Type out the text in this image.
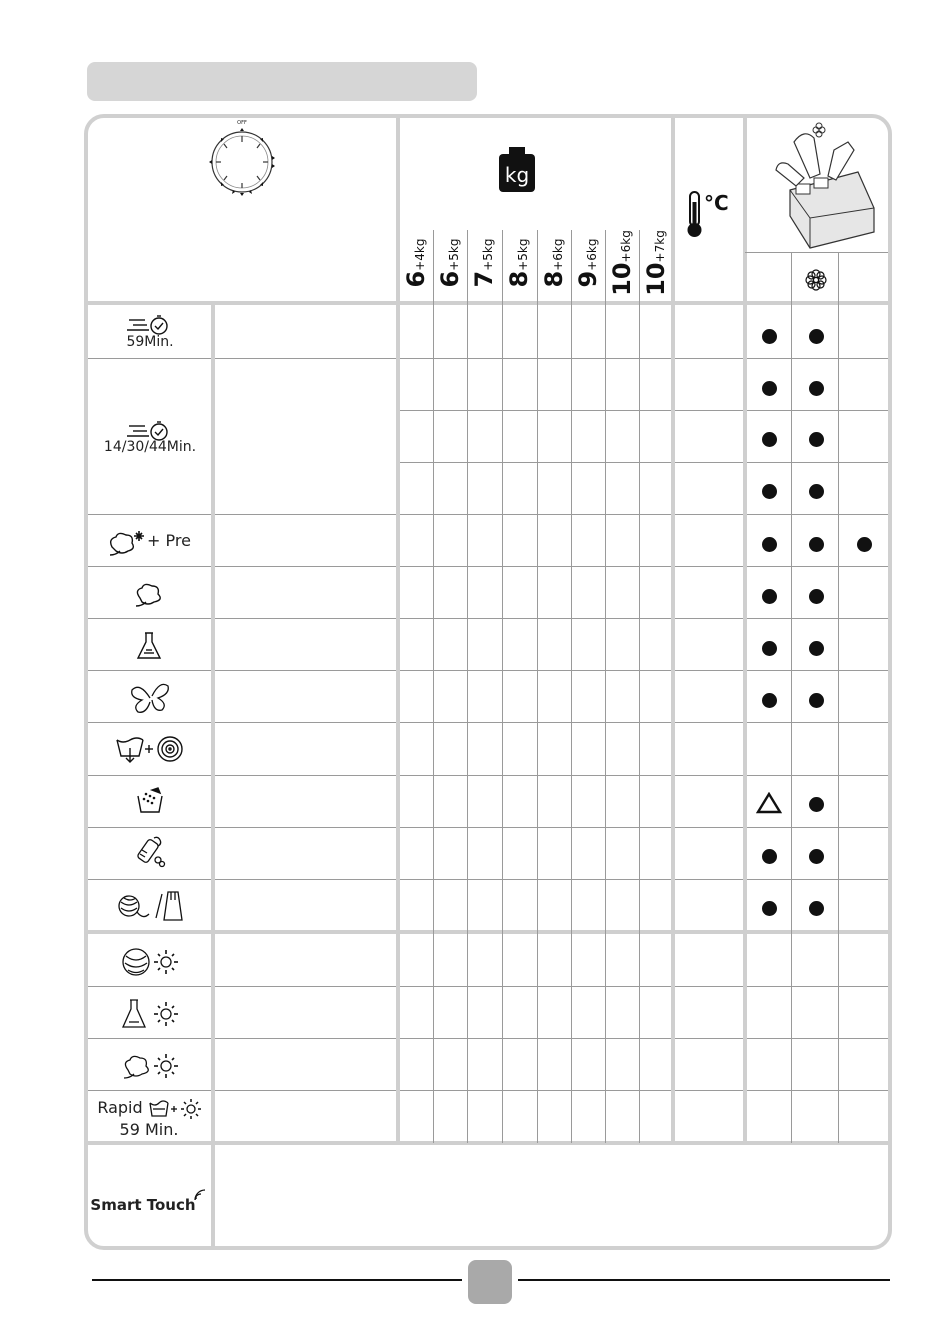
OFF
kg
°C
6+4kg
6+5kg
7+5kg
8+5kg
8+6kg
9+6kg
10+6kg
10+7kg
59Min.
14/30/44Min.
+ Pre
Rapid
59 Min.
Smart Touch
